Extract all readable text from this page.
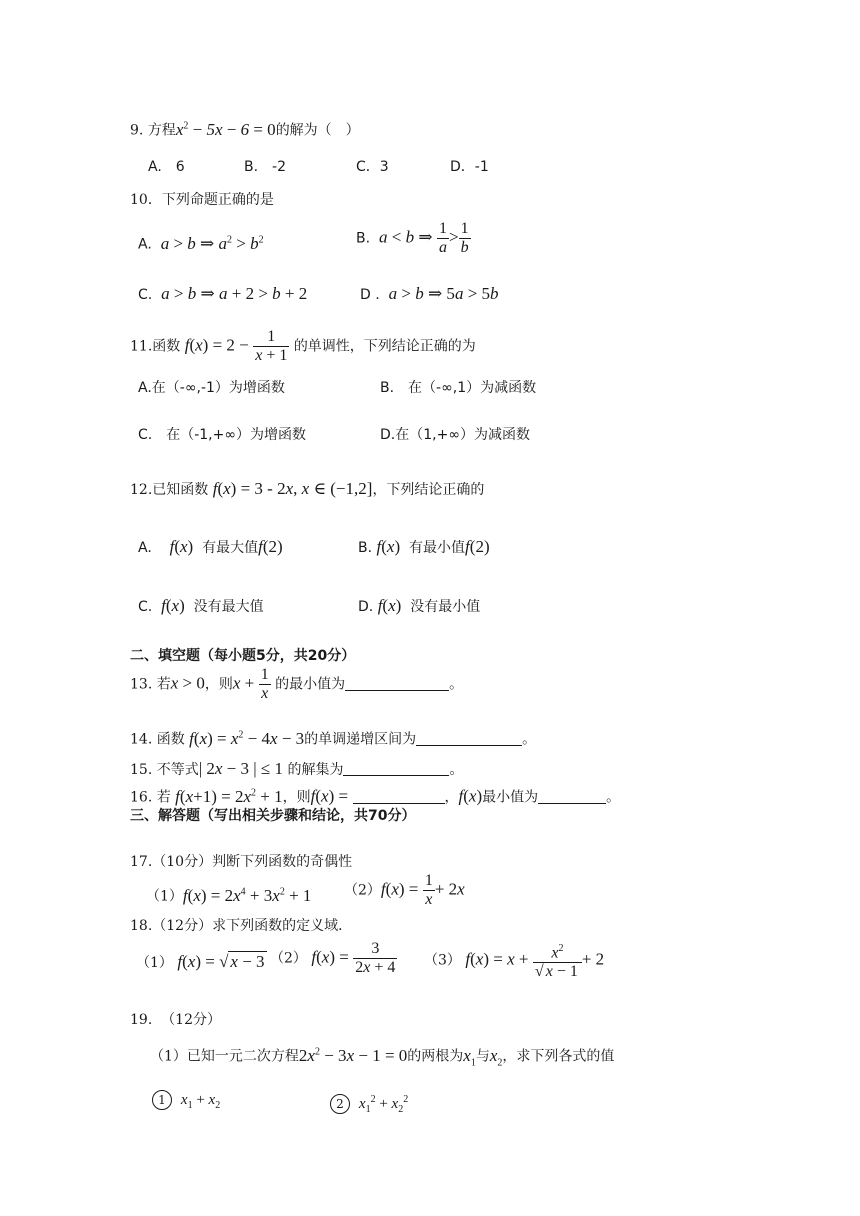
9. 方程$x^2 - 5x - 6 = 0$的解为（　）
A.　6	B.　-2	C．3	D．-1
10．下列命题正确的是
A. a > b ⇒ $a^2 > b^2$	B. a < b ⇒ $\frac{1}{a} > \frac{1}{b}$
C. a > b ⇒ a + 2 > b + 2	D . a > b ⇒ 5a > 5b
11.函数 $f(x) = 2 - \frac{1}{x + 1}$ 的单调性，下列结论正确的为
A.在（-∞,-1）为增函数	B.　在（-∞,1）为减函数
C.　在（-1,+∞）为增函数	D.在（1,+∞）为减函数
12.已知函数 f(x) = 3 - 2x, x ∈ (−1,2]，下列结论正确的
A. f(x) 有最大值f(2)	B. f(x) 有最小值f(2)
C. f(x) 没有最大值	D. f(x) 没有最小值
二、填空题（每小题5分，共20分）
13. 若x > 0，则$x + \frac{1}{x}$ 的最小值为	。
14. 函数 $f(x) = x^2 - 4x - 3$的单调递增区间为	。
15. 不等式| 2x − 3 | ≤ 1 的解集为	。
16. 若 $f(x+1) = 2x^2 + 1$，则f(x) =	，f(x)最小值为	。
三、解答题（写出相关步骤和结论，共70分）
17.（10分）判断下列函数的奇偶性
$(1)f(x) = 2x^4 + 3x^2 + 1$ $(2)f(x) = \frac{1}{x} + 2x$
18.（12分）求下列函数的定义域．
（1） f(x) = √ x − 3 （2） $f(x) = \frac{3}{2x + 4} (3) f(x) = x + \frac{x^2}{√ x - 1} + 2$
19. （12分）
（1）已知一元二次方程$2x^2 - 3x - 1 = 0$的两根为$x_1$与$x_2$，求下列各式的值
1 $x_1 + x_2$	2 $x_1^2 + x_2^2$
